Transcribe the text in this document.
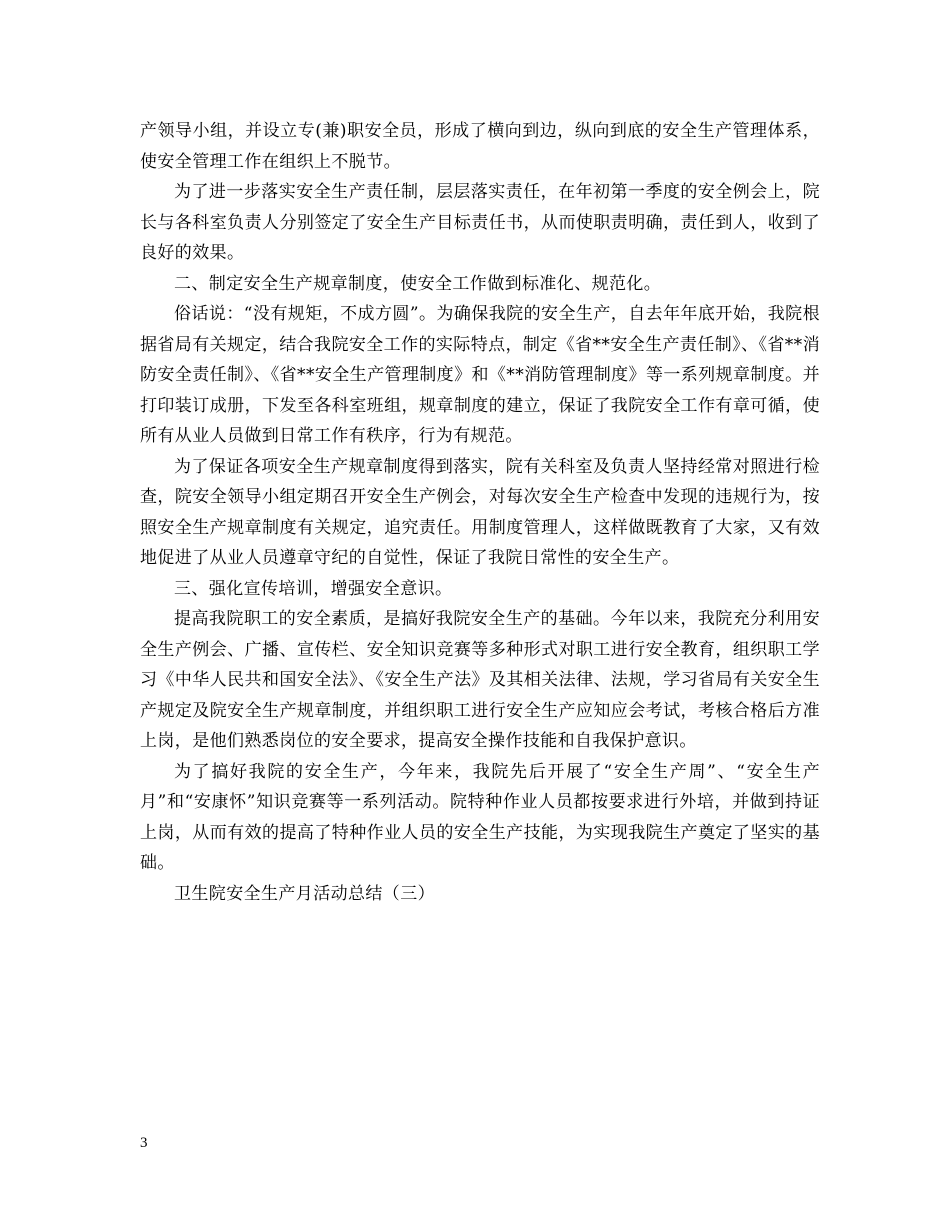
产领导小组，并设立专(兼)职安全员，形成了横向到边，纵向到底的安全生产管理体系，使安全管理工作在组织上不脱节。

为了进一步落实安全生产责任制，层层落实责任，在年初第一季度的安全例会上，院长与各科室负责人分别签定了安全生产目标责任书，从而使职责明确，责任到人，收到了良好的效果。

二、制定安全生产规章制度，使安全工作做到标准化、规范化。

俗话说：“没有规矩，不成方圆”。为确保我院的安全生产，自去年年底开始，我院根据省局有关规定，结合我院安全工作的实际特点，制定《省**安全生产责任制》、《省**消防安全责任制》、《省**安全生产管理制度》和《**消防管理制度》等一系列规章制度。并打印装订成册，下发至各科室班组，规章制度的建立，保证了我院安全工作有章可循，使所有从业人员做到日常工作有秩序，行为有规范。

为了保证各项安全生产规章制度得到落实，院有关科室及负责人坚持经常对照进行检查，院安全领导小组定期召开安全生产例会，对每次安全生产检查中发现的违规行为，按照安全生产规章制度有关规定，追究责任。用制度管理人，这样做既教育了大家，又有效地促进了从业人员遵章守纪的自觉性，保证了我院日常性的安全生产。

三、强化宣传培训，增强安全意识。

提高我院职工的安全素质，是搞好我院安全生产的基础。今年以来，我院充分利用安全生产例会、广播、宣传栏、安全知识竞赛等多种形式对职工进行安全教育，组织职工学习《中华人民共和国安全法》、《安全生产法》及其相关法律、法规，学习省局有关安全生产规定及院安全生产规章制度，并组织职工进行安全生产应知应会考试，考核合格后方准上岗，是他们熟悉岗位的安全要求，提高安全操作技能和自我保护意识。

为了搞好我院的安全生产，今年来，我院先后开展了“安全生产周”、“安全生产月”和“安康怀”知识竞赛等一系列活动。院特种作业人员都按要求进行外培，并做到持证上岗，从而有效的提高了特种作业人员的安全生产技能，为实现我院生产奠定了坚实的基础。

卫生院安全生产月活动总结（三）

3
